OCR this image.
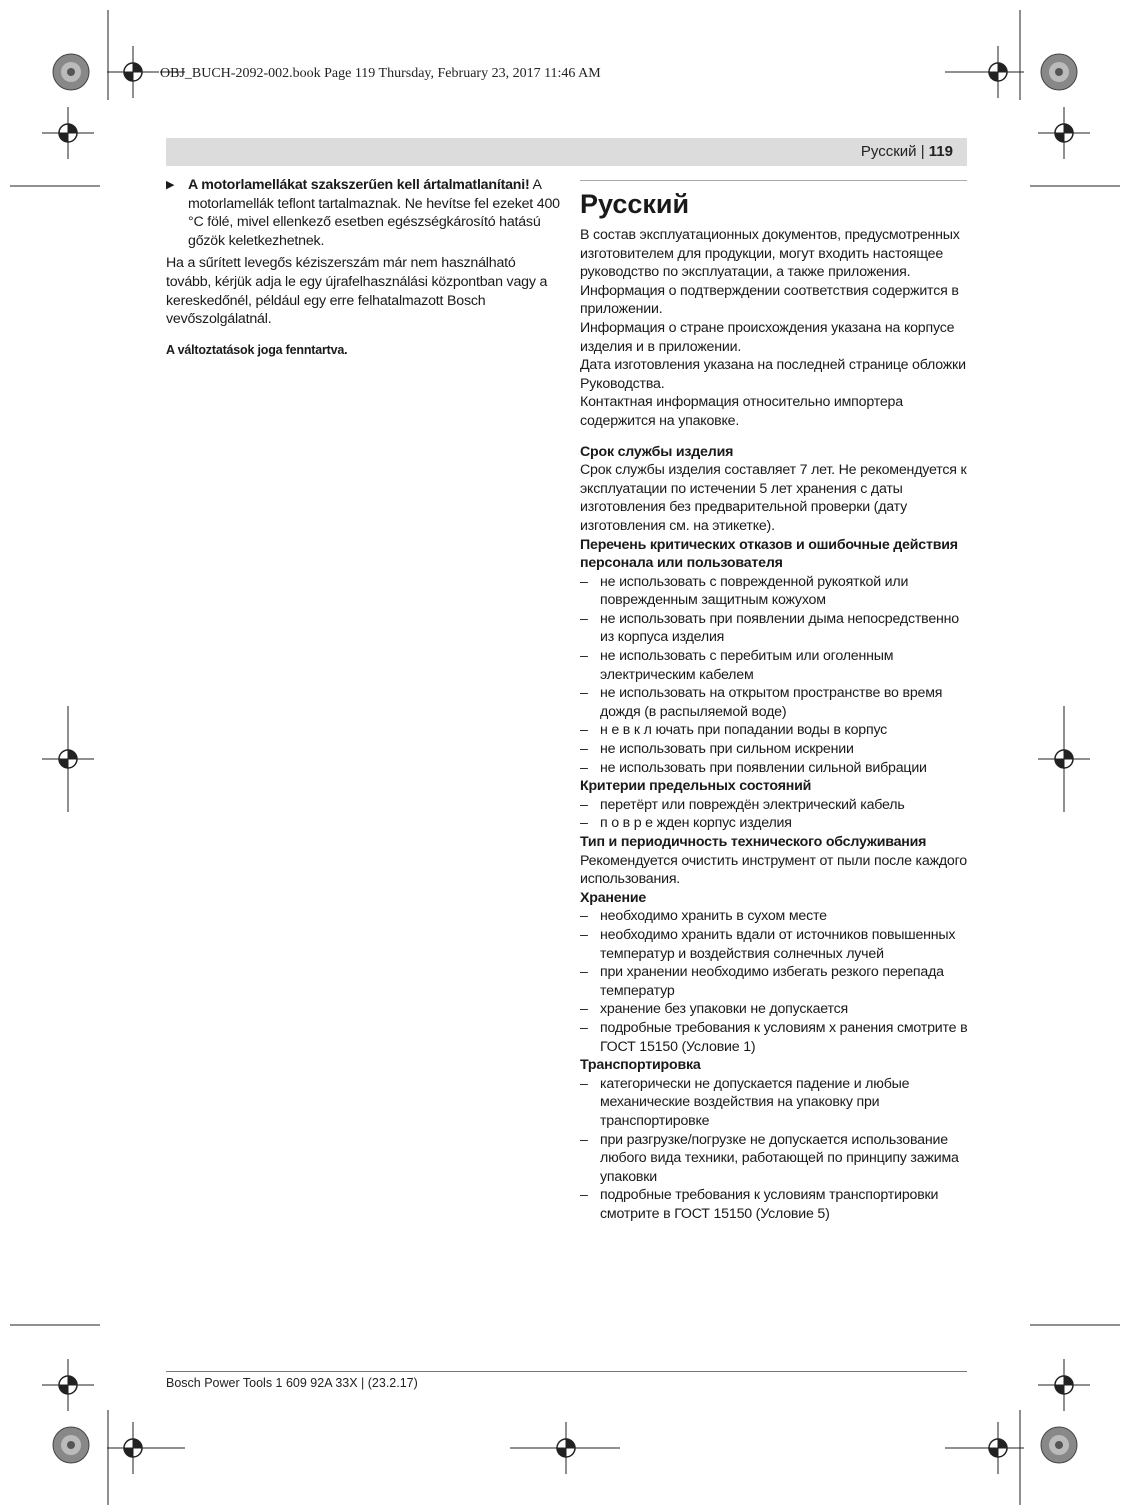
OBJ_BUCH-2092-002.book Page 119 Thursday, February 23, 2017 11:46 AM
Русский | 119

▶ A motorlamellákat szakszerűen kell ártalmatlanítani! A motorlamellák teflont tartalmaznak. Ne hevítse fel ezeket 400 °C fölé, mivel ellenkező esetben egészségkárosító hatású gőzök keletkezhetnek.

Ha a sűrített levegős kéziszerszám már nem használható tovább, kérjük adja le egy újrafelhasználási központban vagy a kereskedőnél, például egy erre felhatalmazott Bosch vevőszolgálatnál.

A változtatások joga fenntartva.

Русский

В состав эксплуатационных документов, предусмотренных изготовителем для продукции, могут входить настоящее руководство по эксплуатации, а также приложения.

Информация о подтверждении соответствия содержится в приложении.

Информация о стране происхождения указана на корпусе изделия и в приложении.

Дата изготовления указана на последней странице обложки Руководства.

Контактная информация относительно импортера содержится на упаковке.

Срок службы изделия

Срок службы изделия составляет 7 лет. Не рекомендуется к эксплуатации по истечении 5 лет хранения с даты изготовления без предварительной проверки (дату изготовления см. на этикетке).

Перечень критических отказов и ошибочные действия персонала или пользователя
– не использовать с поврежденной рукояткой или поврежденным защитным кожухом
– не использовать при появлении дыма непосредственно из корпуса изделия
– не использовать с перебитым или оголенным электрическим кабелем
– не использовать на открытом пространстве во время дождя (в распыляемой воде)
– н е в к л ючать при попадании воды в корпус
– не использовать при сильном искрении
– не использовать при появлении сильной вибрации
Критерии предельных состояний
– перетёрт или повреждён электрический кабель
– п о в р е жден корпус изделия
Тип и периодичность технического обслуживания

Рекомендуется очистить инструмент от пыли после каждого использования.

Хранение
– необходимо хранить в сухом месте
– необходимо хранить вдали от источников повышенных температур и воздействия солнечных лучей
– при хранении необходимо избегать резкого перепада температур
– хранение без упаковки не допускается
– подробные требования к условиям х ранения смотрите в ГОСТ 15150 (Условие 1)
Транспортировка
– категорически не допускается падение и любые механические воздействия на упаковку при транспортировке
– при разгрузке/погрузке не допускается использование любого вида техники, работающей по принципу зажима упаковки
– подробные требования к условиям транспортировки смотрите в ГОСТ 15150 (Условие 5)
Bosch Power Tools 1 609 92A 33X | (23.2.17)
